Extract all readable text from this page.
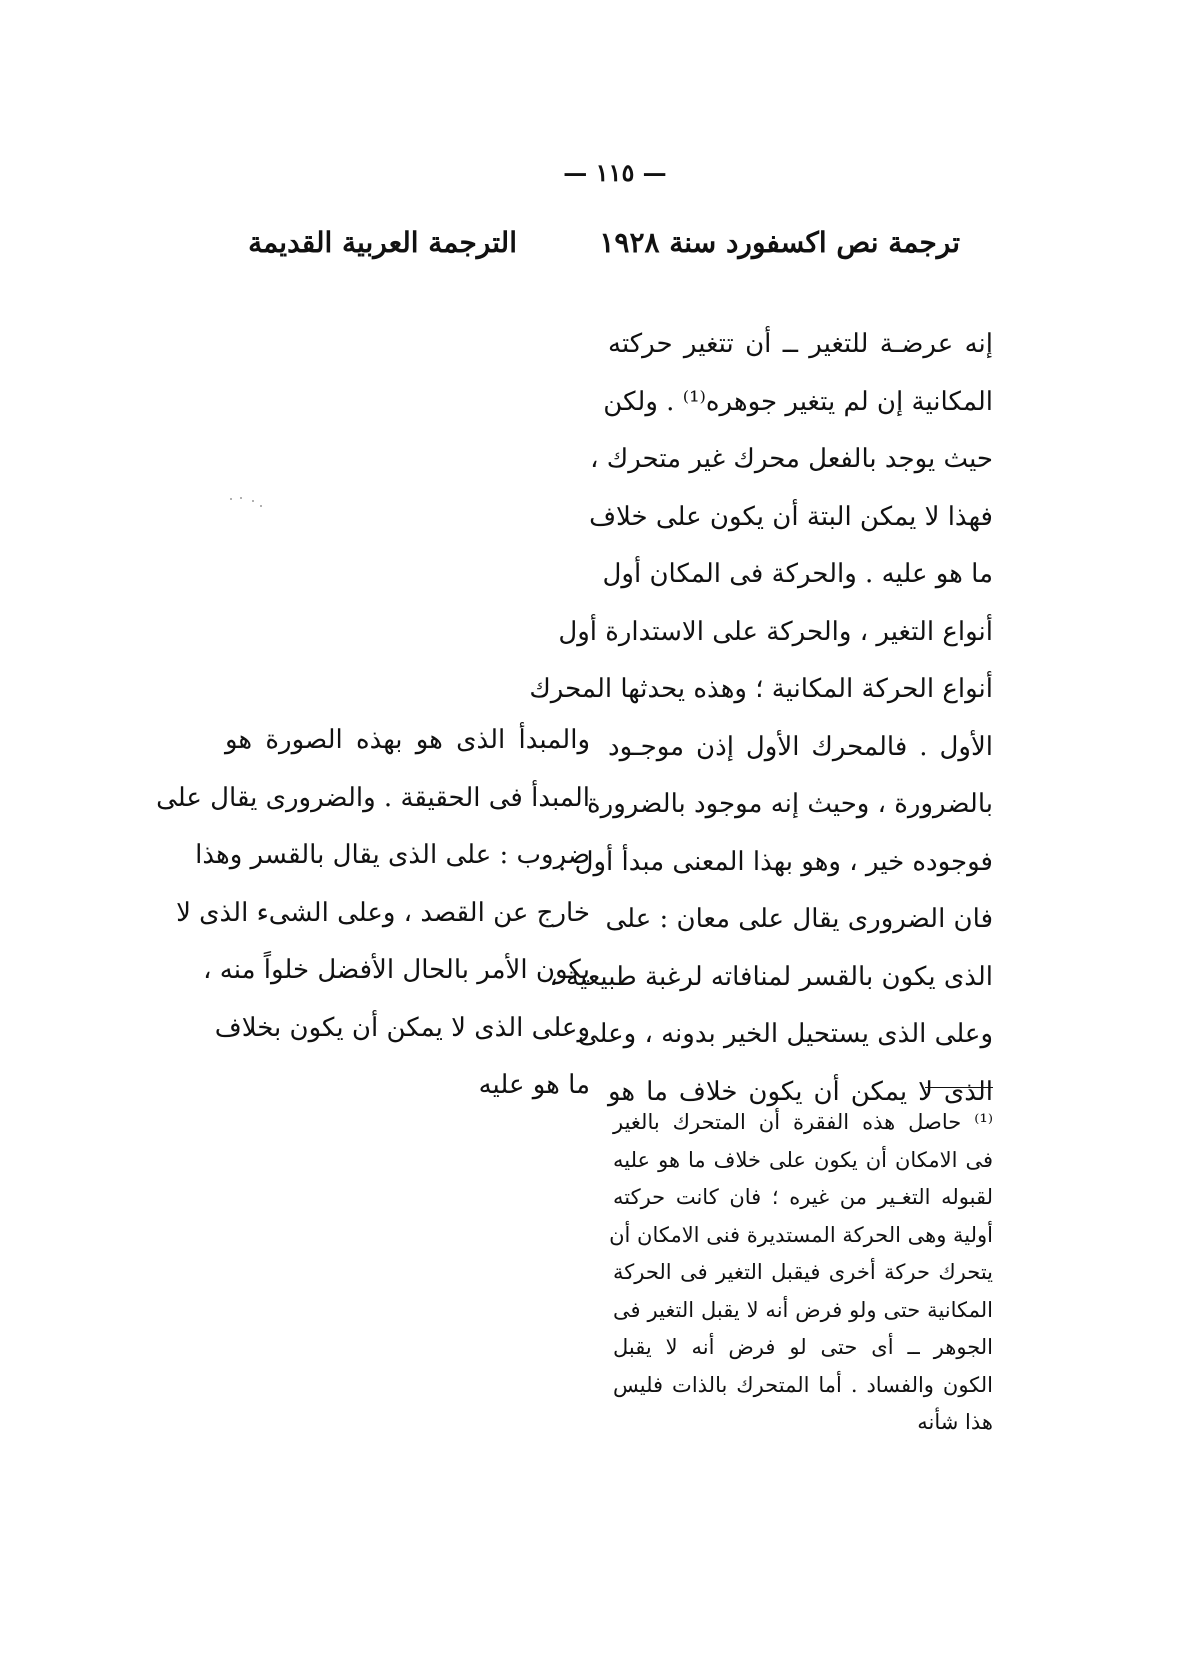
— ١١٥ —
ترجمة نص اكسفورد سنة ١٩٢٨
الترجمة العربية القديمة
إنه عرضـة للتغير ــ أن تتغير حركته
المكانية إن لم يتغير جوهره⁽¹⁾ . ولكن
حيث يوجد بالفعل محرك غير متحرك ،
فهذا لا يمكن البتة أن يكون على خلاف
ما هو عليه . والحركة فى المكان أول
أنواع التغير ، والحركة على الاستدارة أول
أنواع الحركة المكانية ؛ وهذه يحدثها المحرك
الأول . فالمحرك الأول إذن موجـود
بالضرورة ، وحيث إنه موجود بالضرورة
فوجوده خير ، وهو بهذا المعنى مبدأ أول .
فان الضرورى يقال على معان : على
الذى يكون بالقسر لمنافاته لرغبة طبيعية ،
وعلى الذى يستحيل الخير بدونه ، وعلى
الذى لا يمكن أن يكون خلاف ما هو
والمبدأ الذى هو بهذه الصورة هو
المبدأ فى الحقيقة . والضرورى يقال على
ضروب : على الذى يقال بالقسر وهذا
خارج عن القصد ، وعلى الشىء الذى لا
يكون الأمر بالحال الأفضل خلواً منه ،
وعلى الذى لا يمكن أن يكون بخلاف
ما هو عليه
⁽¹⁾ حاصل هذه الفقرة أن المتحرك بالغير
فى الامكان أن يكون على خلاف ما هو عليه
لقبوله التغـير من غيره ؛ فان كانت حركته
أولية وهى الحركة المستديرة فنى الامكان أن
يتحرك حركة أخرى فيقبل التغير فى الحركة
المكانية حتى ولو فرض أنه لا يقبل التغير فى
الجوهر ــ أى حتى لو فرض أنه لا يقبل
الكون والفساد . أما المتحرك بالذات فليس
هذا شأنه
